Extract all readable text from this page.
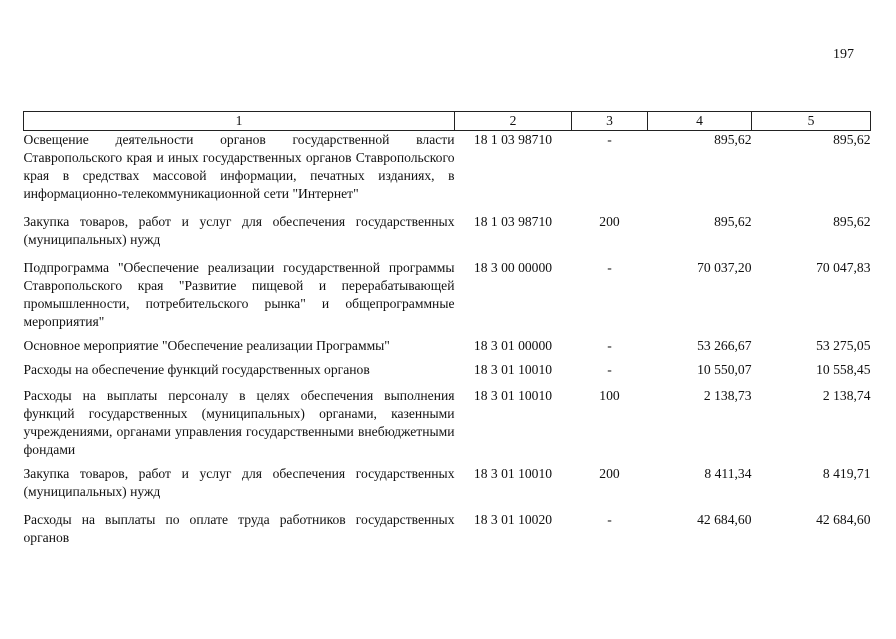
197
1	2	3	4	5
Освещение деятельности органов государственной власти Ставропольского края и иных государственных органов Ставропольского края в средствах массовой информации, печатных изданиях, в информационно-телекоммуникационной сети "Интернет"	18 1 03 98710	-	895,62	895,62

Закупка товаров, работ и услуг для обеспечения государственных (муниципальных) нужд	18 1 03 98710	200	895,62	895,62

Подпрограмма "Обеспечение реализации государственной программы Ставропольского края "Развитие пищевой и перерабатывающей промышленности, потребительского рынка" и общепрограммные мероприятия"	18 3 00 00000	-	70 037,20	70 047,83

Основное мероприятие "Обеспечение реализации Программы"	18 3 01 00000	-	53 266,67	53 275,05

Расходы на обеспечение функций государственных органов	18 3 01 10010	-	10 550,07	10 558,45

Расходы на выплаты персоналу в целях обеспечения выполнения функций государственных (муниципальных) органами, казенными учреждениями, органами управления государственными внебюджетными фондами	18 3 01 10010	100	2 138,73	2 138,74

Закупка товаров, работ и услуг для обеспечения государственных (муниципальных) нужд	18 3 01 10010	200	8 411,34	8 419,71

Расходы на выплаты по оплате труда работников государственных органов	18 3 01 10020	-	42 684,60	42 684,60
